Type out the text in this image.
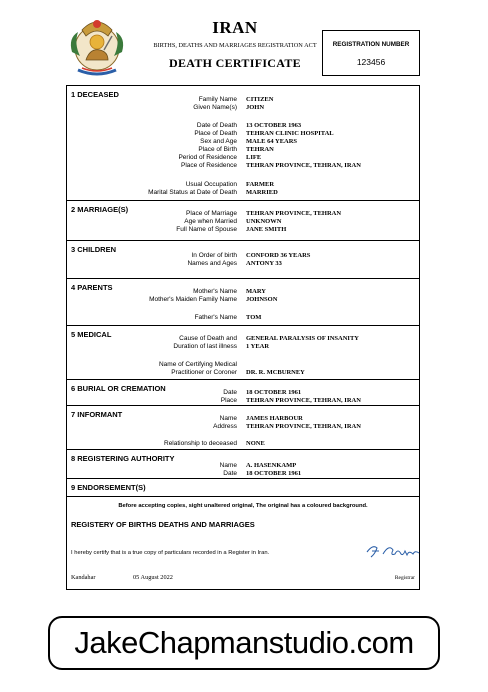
IRAN
BIRTHS, DEATHS AND MARRIAGES REGISTRATION ACT
DEATH CERTIFICATE
REGISTRATION NUMBER
123456
1 DECEASED
Family Name CITIZEN
Given Name(s) JOHN
Date of Death 13 OCTOBER 1963
Place of Death TEHRAN CLINIC HOSPITAL
Sex and Age MALE 64 YEARS
Place of Birth TEHRAN
Period of Residence LIFE
Place of Residence TEHRAN PROVINCE, TEHRAN, IRAN
Usual Occupation FARMER
Marital Status at Date of Death MARRIED
2 MARRIAGE(S)	Place of Marriage TEHRAN PROVINCE, TEHRAN
Age when Married UNKNOWN
Full Name of Spouse JANE SMITH
3 CHILDREN
In Order of birth CONFORD 36 YEARS
Names and Ages ANTONY 33
4 PARENTS	Mother's Name MARY
Mother's Maiden Family Name JOHNSON
Father's Name TOM
5 MEDICAL	Cause of Death and GENERAL PARALYSIS OF INSANITY
Duration of last illness 1 YEAR
Name of Certifying Medical
Practitioner or Coroner DR. R. MCBURNEY
6 BURIAL OR CREMATION	Date 18 OCTOBER 1961
Place TEHRAN PROVINCE, TEHRAN, IRAN
7 INFORMANT	Name JAMES HARBOUR
Address TEHRAN PROVINCE, TEHRAN, IRAN
Relationship to deceased NONE
8 REGISTERING AUTHORITY
Name A. HASENKAMP
Date 18 OCTOBER 1961
9 ENDORSEMENT(S)
Before accepting copies, sight unaltered original, The original has a coloured background.
REGISTERY OF BIRTHS DEATHS AND MARRIAGES
I hereby certify that is a true copy of particulars recorded in a Register in Iran.
Kandahar	05 August 2022	Registrar
JakeChapmanstudio.com
